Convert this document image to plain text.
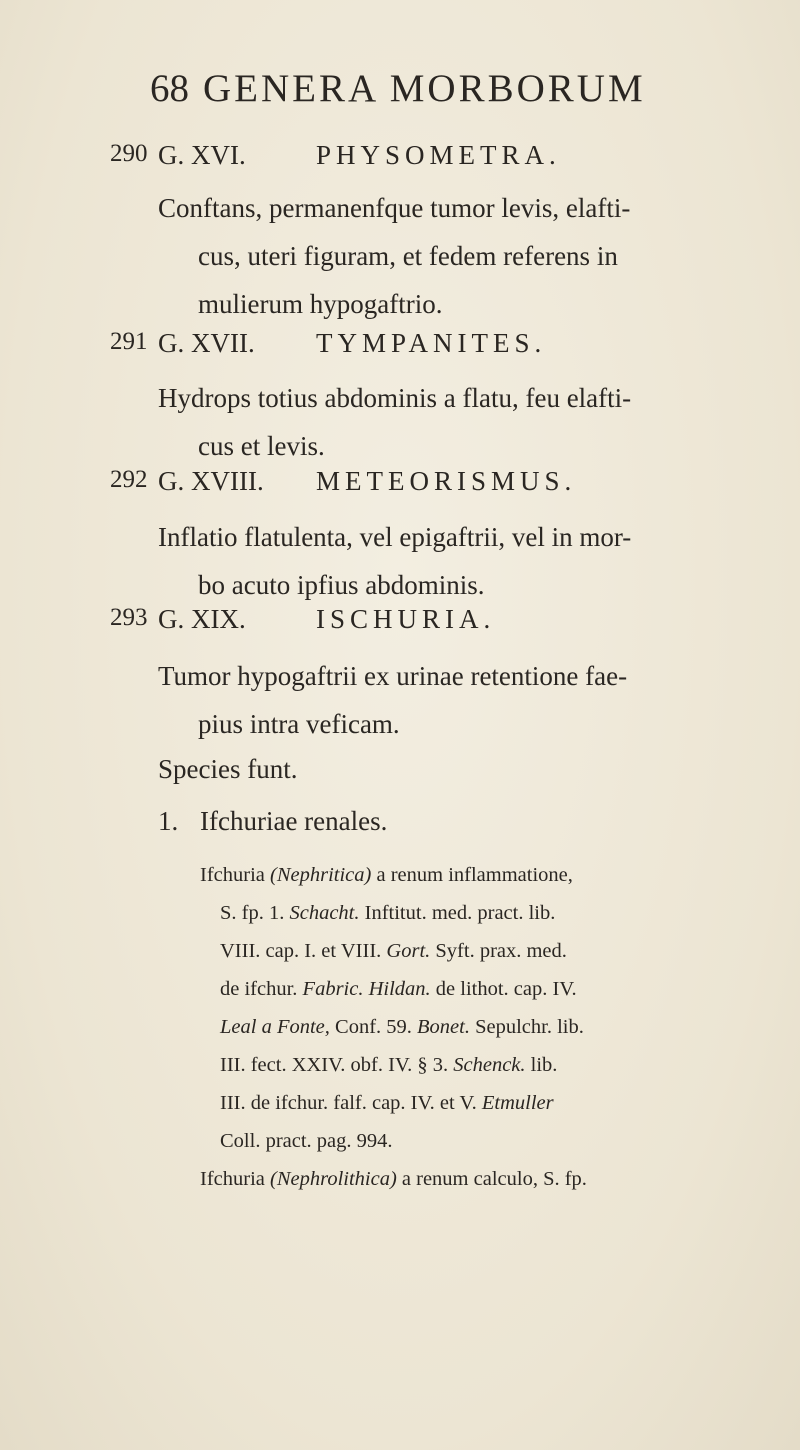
68 GENERA MORBORUM
290 G. XVI.	PHYSOMETRA.
Conftans, permanenfque tumor levis, elafti-
cus, uteri figuram, et fedem referens in
mulierum hypogaftrio.
291 G. XVII. TYMPANITES.
Hydrops totius abdominis a flatu, feu elafti-
cus et levis.
292 G. XVIII. METEORISMUS.
Inflatio flatulenta, vel epigaftrii, vel in mor-
bo acuto ipfius abdominis.
293 G. XIX.	ISCHURIA.
Tumor hypogaftrii ex urinae retentione fae-
pius intra veficam.
Species funt.
1. Ifchuriae renales.
Ifchuria (Nephritica) a renum inflammatione,
S. fp. 1. Schacht. Inftitut. med. pract. lib.
VIII. cap. I. et VIII. Gort. Syft. prax. med.
de ifchur. Fabric. Hildan. de lithot. cap. IV.
Leal a Fonte, Conf. 59. Bonet. Sepulchr. lib.
III. fect. XXIV. obf. IV. § 3. Schenck. lib.
III. de ifchur. falf. cap. IV. et V. Etmuller
Coll. pract. pag. 994.
Ifchuria (Nephrolithica) a renum calculo, S. fp.
